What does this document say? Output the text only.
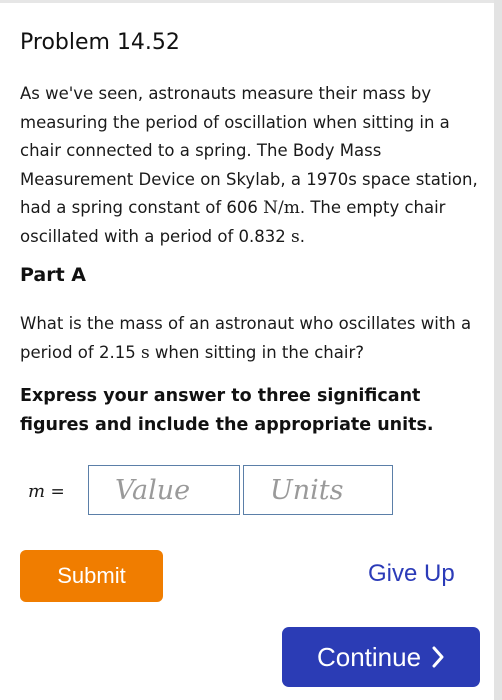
Problem 14.52
As we've seen, astronauts measure their mass by measuring the period of oscillation when sitting in a chair connected to a spring. The Body Mass Measurement Device on Skylab, a 1970s space station, had a spring constant of 606 N/m. The empty chair oscillated with a period of 0.832 s.
Part A
What is the mass of an astronaut who oscillates with a period of 2.15 s when sitting in the chair?
Express your answer to three significant figures and include the appropriate units.
m =
Value
Units
Submit	Give Up
Continue
